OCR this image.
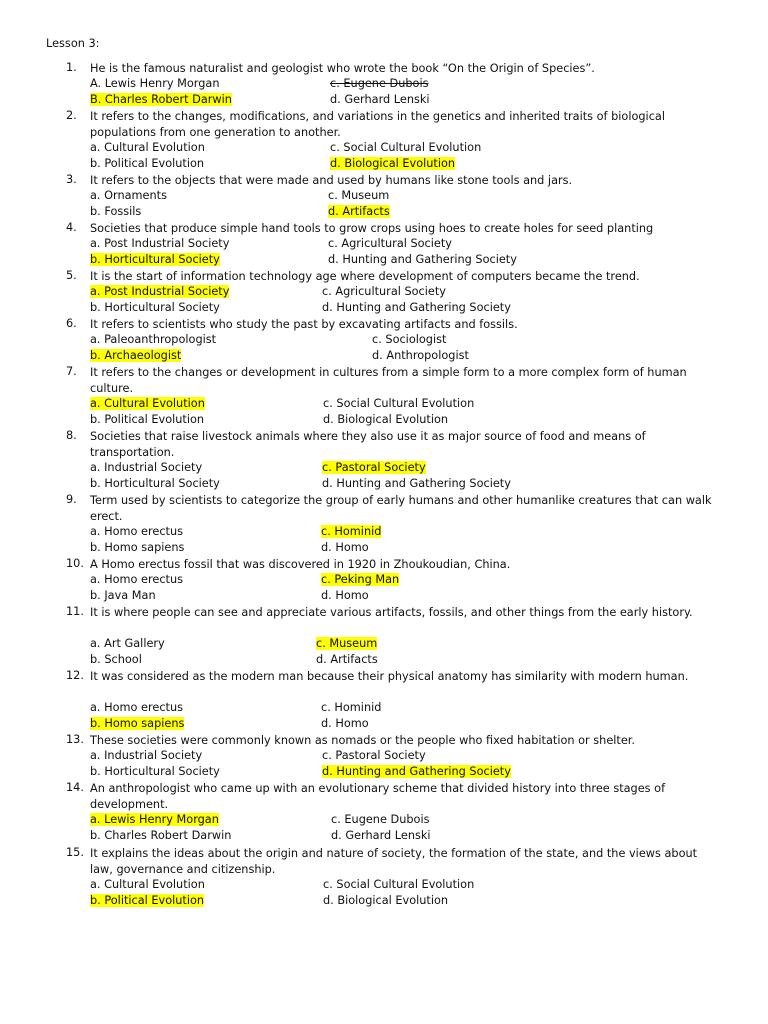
Lesson 3:
1. He is the famous naturalist and geologist who wrote the book “On the Origin of Species”.
A. Lewis Henry Morgan	c. Eugene Dubois
B. Charles Robert Darwin	d. Gerhard Lenski
2. It refers to the changes, modifications, and variations in the genetics and inherited traits of biological populations from one generation to another.
a. Cultural Evolution	c. Social Cultural Evolution
b. Political Evolution	d. Biological Evolution
3. It refers to the objects that were made and used by humans like stone tools and jars.
a. Ornaments	c. Museum
b. Fossils	d. Artifacts
4. Societies that produce simple hand tools to grow crops using hoes to create holes for seed planting
a. Post Industrial Society	c. Agricultural Society
b. Horticultural Society	d. Hunting and Gathering Society
5. It is the start of information technology age where development of computers became the trend.
a. Post Industrial Society	c. Agricultural Society
b. Horticultural Society	d. Hunting and Gathering Society
6. It refers to scientists who study the past by excavating artifacts and fossils.
a. Paleoanthropologist	c. Sociologist
b. Archaeologist	d. Anthropologist
7. It refers to the changes or development in cultures from a simple form to a more complex form of human culture.
a. Cultural Evolution	c. Social Cultural Evolution
b. Political Evolution	d. Biological Evolution
8. Societies that raise livestock animals where they also use it as major source of food and means of transportation.
a. Industrial Society	c. Pastoral Society
b. Horticultural Society	d. Hunting and Gathering Society
9. Term used by scientists to categorize the group of early humans and other humanlike creatures that can walk erect.
a. Homo erectus	c. Hominid
b. Homo sapiens	d. Homo
10. A Homo erectus fossil that was discovered in 1920 in Zhoukoudian, China.
a. Homo erectus	c. Peking Man
b. Java Man	d. Homo
11. It is where people can see and appreciate various artifacts, fossils, and other things from the early history.
a. Art Gallery	c. Museum
b. School	d. Artifacts
12. It was considered as the modern man because their physical anatomy has similarity with modern human.
a. Homo erectus	c. Hominid
b. Homo sapiens	d. Homo
13. These societies were commonly known as nomads or the people who fixed habitation or shelter.
a. Industrial Society	c. Pastoral Society
b. Horticultural Society	d. Hunting and Gathering Society
14. An anthropologist who came up with an evolutionary scheme that divided history into three stages of development.
a. Lewis Henry Morgan	c. Eugene Dubois
b. Charles Robert Darwin	d. Gerhard Lenski
15. It explains the ideas about the origin and nature of society, the formation of the state, and the views about law, governance and citizenship.
a. Cultural Evolution	c. Social Cultural Evolution
b. Political Evolution	d. Biological Evolution
